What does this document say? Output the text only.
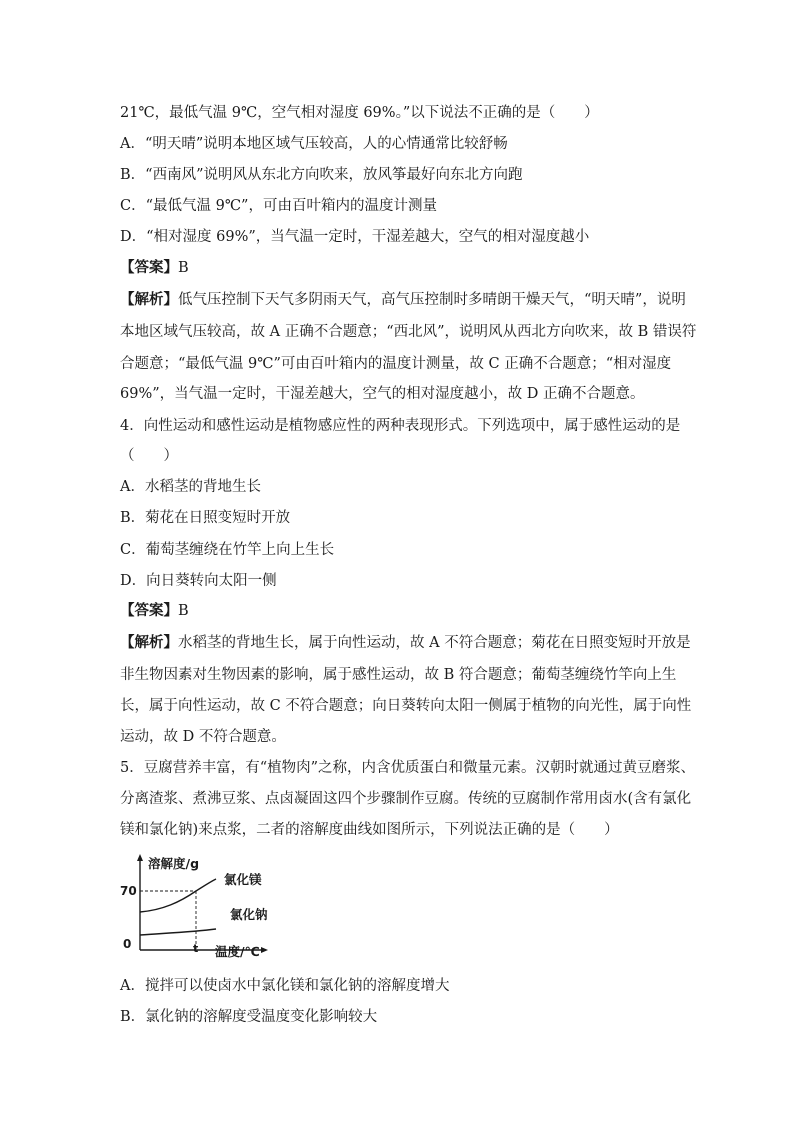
21℃，最低气温 9℃，空气相对湿度 69%。”以下说法不正确的是（　　）
A．“明天晴”说明本地区域气压较高，人的心情通常比较舒畅
B．“西南风”说明风从东北方向吹来，放风筝最好向东北方向跑
C．“最低气温 9℃”，可由百叶箱内的温度计测量
D．“相对湿度 69%”，当气温一定时，干湿差越大，空气的相对湿度越小
【答案】B
【解析】低气压控制下天气多阴雨天气，高气压控制时多晴朗干燥天气，“明天晴”，说明
本地区域气压较高，故 A 正确不合题意；“西北风”，说明风从西北方向吹来，故 B 错误符
合题意；“最低气温 9℃”可由百叶箱内的温度计测量，故 C 正确不合题意；“相对湿度
69%”，当气温一定时，干湿差越大，空气的相对湿度越小，故 D 正确不合题意。
4．向性运动和感性运动是植物感应性的两种表现形式。下列选项中，属于感性运动的是
（　　）
A．水稻茎的背地生长
B．菊花在日照变短时开放
C．葡萄茎缠绕在竹竿上向上生长
D．向日葵转向太阳一侧
【答案】B
【解析】水稻茎的背地生长，属于向性运动，故 A 不符合题意；菊花在日照变短时开放是
非生物因素对生物因素的影响，属于感性运动，故 B 符合题意；葡萄茎缠绕竹竿向上生
长，属于向性运动，故 C 不符合题意；向日葵转向太阳一侧属于植物的向光性，属于向性
运动，故 D 不符合题意。
5．豆腐营养丰富，有“植物肉”之称，内含优质蛋白和微量元素。汉朝时就通过黄豆磨浆、
分离渣浆、煮沸豆浆、点卤凝固这四个步骤制作豆腐。传统的豆腐制作常用卤水(含有氯化
镁和氯化钠)来点浆，二者的溶解度曲线如图所示，下列说法正确的是（　　）
溶解度/g
70
0	t 温度/℃
氯化镁
氯化钠
A．搅拌可以使卤水中氯化镁和氯化钠的溶解度增大
B．氯化钠的溶解度受温度变化影响较大
